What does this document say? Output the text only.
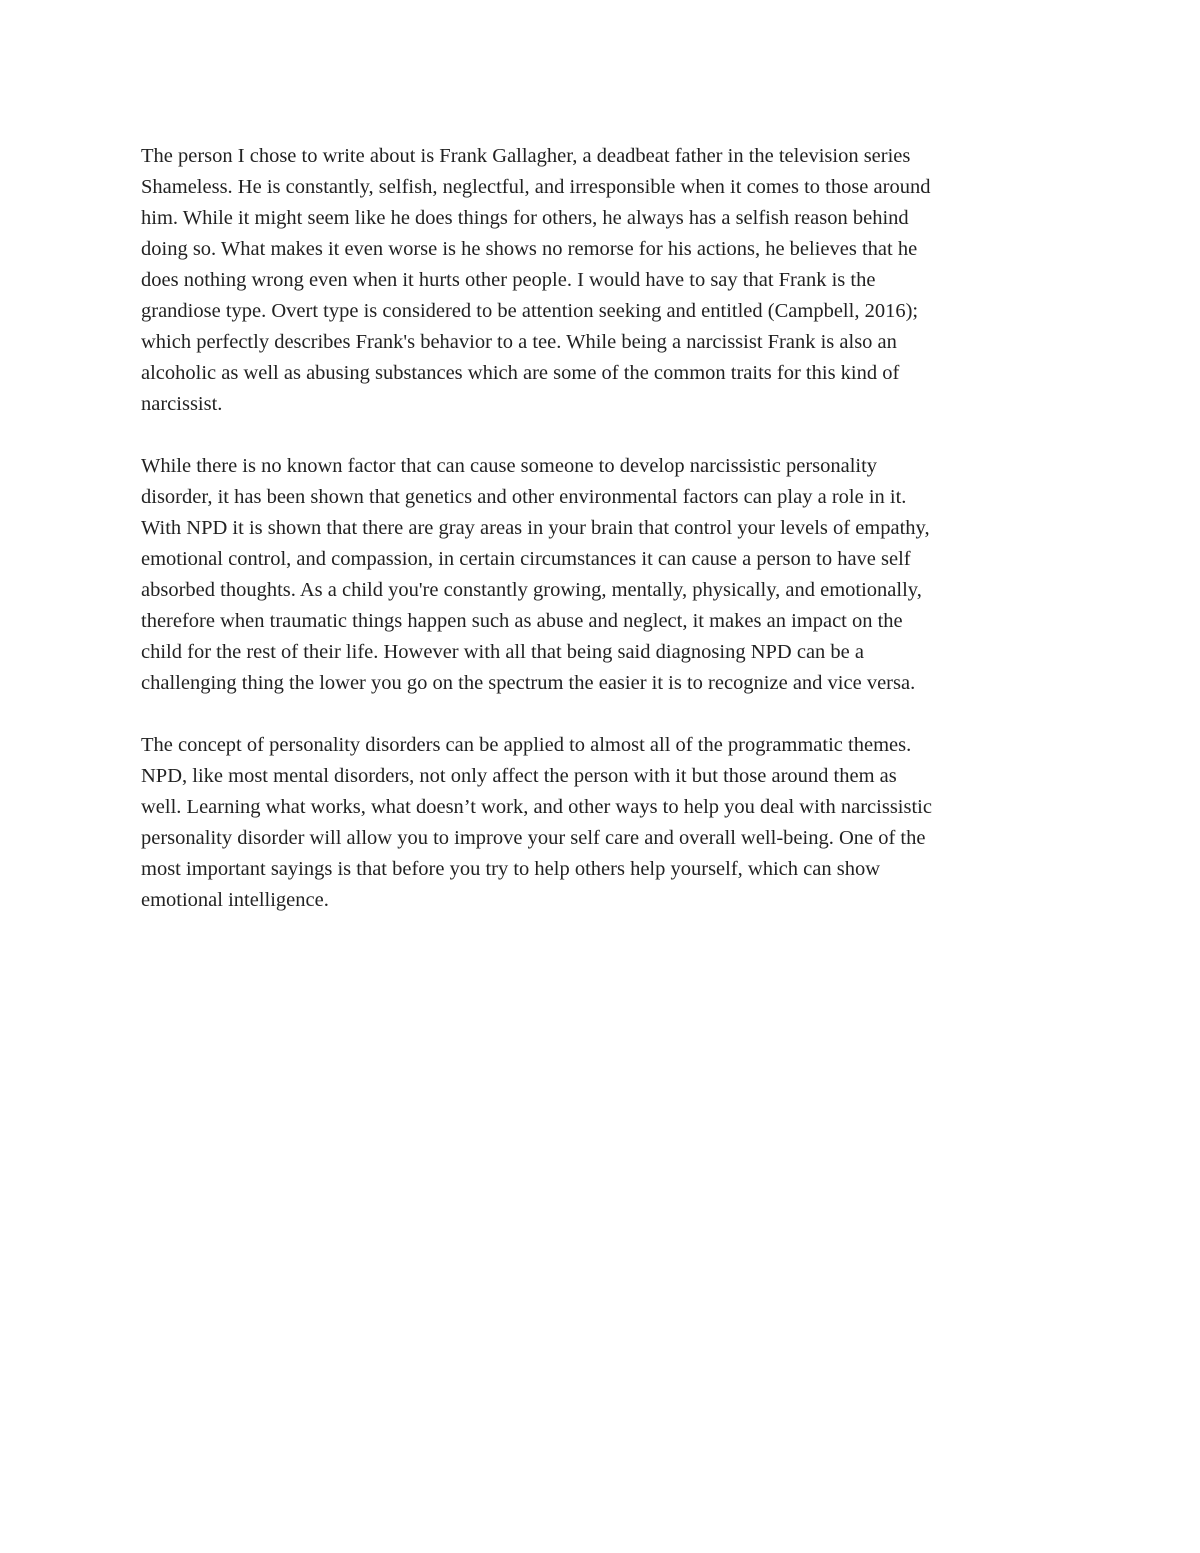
The person I chose to write about is Frank Gallagher, a deadbeat father in the television series
Shameless. He is constantly, selfish, neglectful, and irresponsible when it comes to those around
him. While it might seem like he does things for others, he always has a selfish reason behind
doing so. What makes it even worse is he shows no remorse for his actions, he believes that he
does nothing wrong even when it hurts other people. I would have to say that Frank is the
grandiose type. Overt type is considered to be attention seeking and entitled (Campbell, 2016);
which perfectly describes Frank's behavior to a tee. While being a narcissist Frank is also an
alcoholic as well as abusing substances which are some of the common traits for this kind of
narcissist.

While there is no known factor that can cause someone to develop narcissistic personality
disorder, it has been shown that genetics and other environmental factors can play a role in it.
With NPD it is shown that there are gray areas in your brain that control your levels of empathy,
emotional control, and compassion, in certain circumstances it can cause a person to have self
absorbed thoughts. As a child you're constantly growing, mentally, physically, and emotionally,
therefore when traumatic things happen such as abuse and neglect, it makes an impact on the
child for the rest of their life. However with all that being said diagnosing NPD can be a
challenging thing the lower you go on the spectrum the easier it is to recognize and vice versa.

The concept of personality disorders can be applied to almost all of the programmatic themes.
NPD, like most mental disorders, not only affect the person with it but those around them as
well. Learning what works, what doesn’t work, and other ways to help you deal with narcissistic
personality disorder will allow you to improve your self care and overall well-being. One of the
most important sayings is that before you try to help others help yourself, which can show
emotional intelligence.
